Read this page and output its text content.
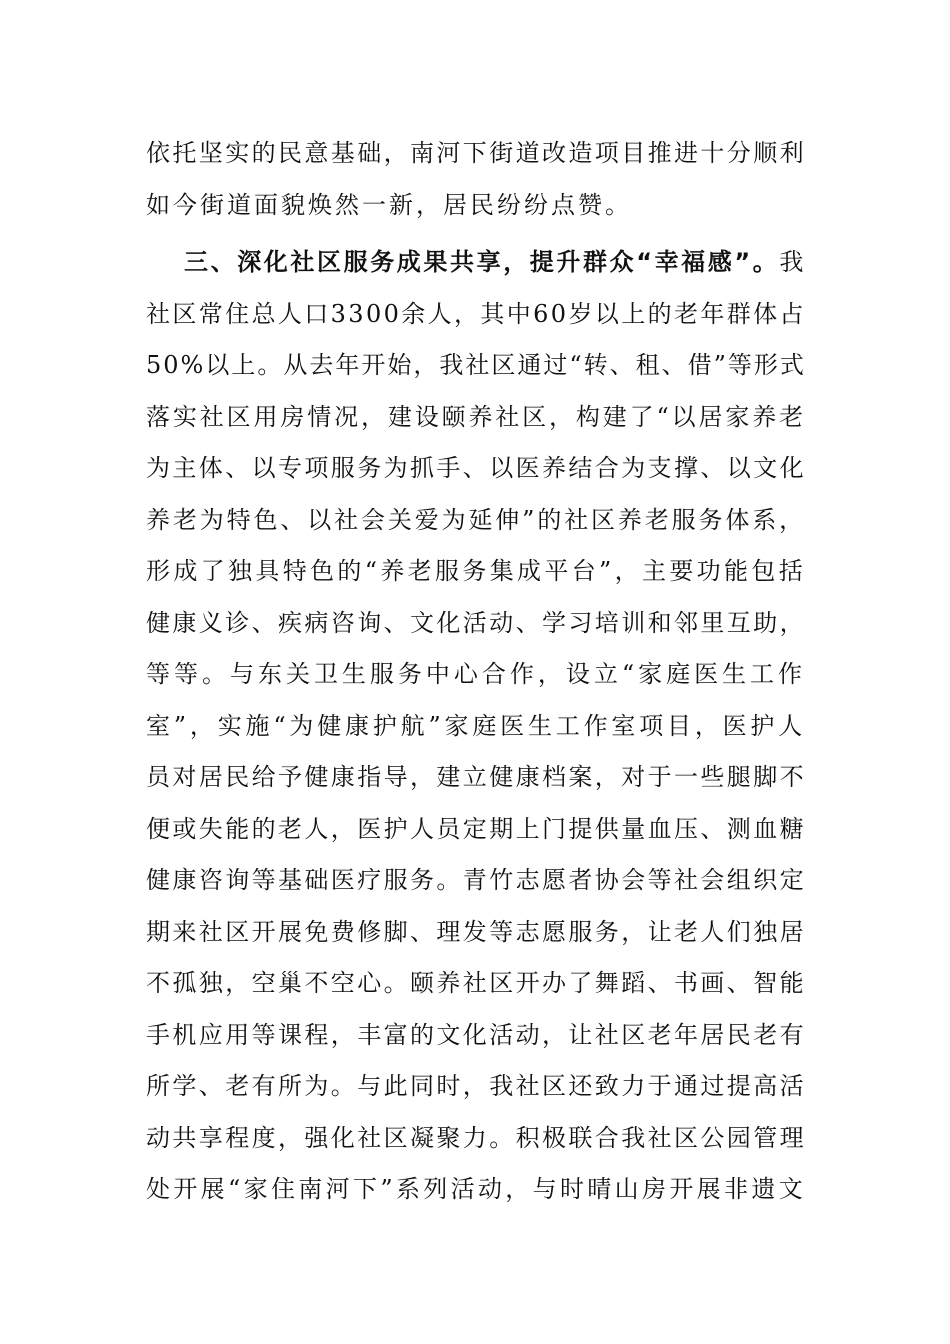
依托坚实的民意基础，南河下街道改造项目推进十分顺利
如今街道面貌焕然一新，居民纷纷点赞。
三、深化社区服务成果共享，提升群众“幸福感”。我
社区常住总人口3300余人，其中60岁以上的老年群体占
50%以上。从去年开始，我社区通过“转、租、借”等形式
落实社区用房情况，建设颐养社区，构建了“以居家养老
为主体、以专项服务为抓手、以医养结合为支撑、以文化
养老为特色、以社会关爱为延伸”的社区养老服务体系，
形成了独具特色的“养老服务集成平台”，主要功能包括
健康义诊、疾病咨询、文化活动、学习培训和邻里互助，
等等。与东关卫生服务中心合作，设立“家庭医生工作
室”，实施“为健康护航”家庭医生工作室项目，医护人
员对居民给予健康指导，建立健康档案，对于一些腿脚不
便或失能的老人，医护人员定期上门提供量血压、测血糖
健康咨询等基础医疗服务。青竹志愿者协会等社会组织定
期来社区开展免费修脚、理发等志愿服务，让老人们独居
不孤独，空巢不空心。颐养社区开办了舞蹈、书画、智能
手机应用等课程，丰富的文化活动，让社区老年居民老有
所学、老有所为。与此同时，我社区还致力于通过提高活
动共享程度，强化社区凝聚力。积极联合我社区公园管理
处开展“家住南河下”系列活动，与时晴山房开展非遗文
